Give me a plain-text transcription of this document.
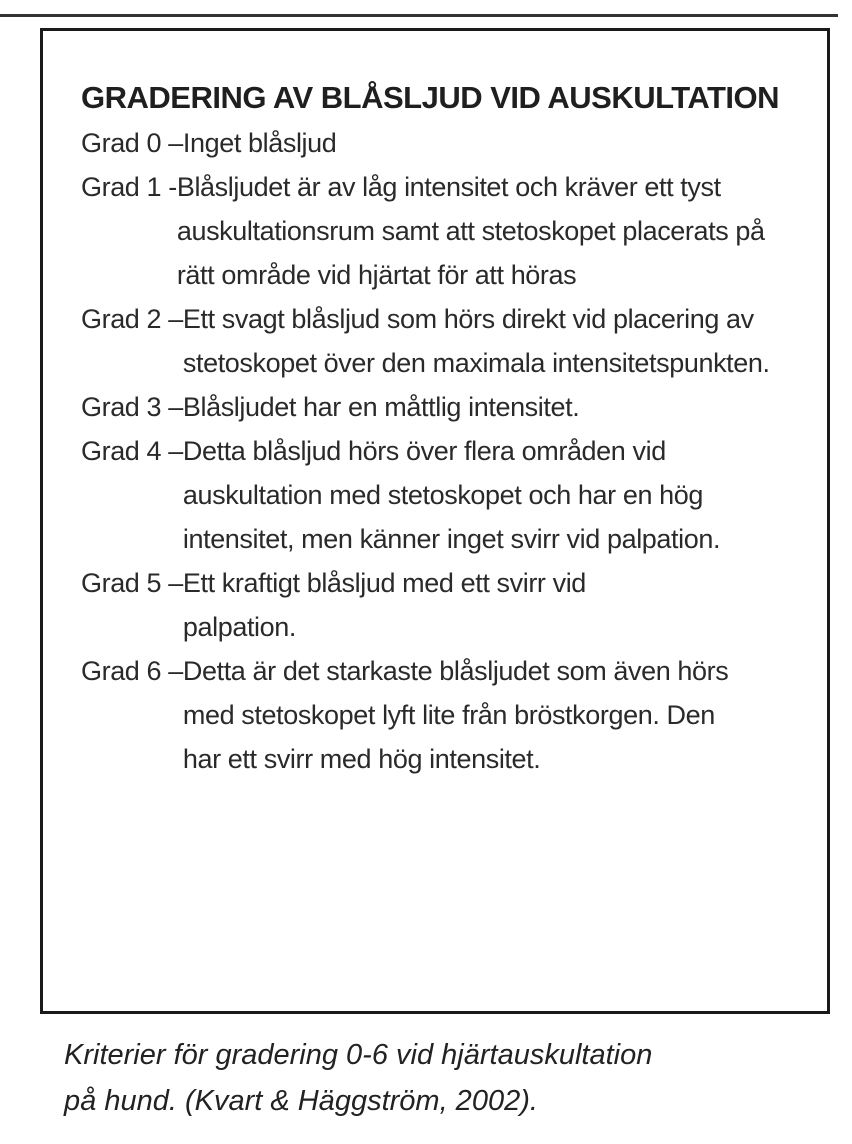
GRADERING AV BLÅSLJUD VID AUSKULTATION
Grad 0 – Inget blåsljud
Grad 1 - Blåsljudet är av låg intensitet och kräver ett tyst auskultationsrum samt att stetoskopet placerats på rätt område vid hjärtat för att höras
Grad 2 – Ett svagt blåsljud som hörs direkt vid placering av stetoskopet över den maximala intensitetspunkten.
Grad 3 – Blåsljudet har en måttlig intensitet.
Grad 4 – Detta blåsljud hörs över flera områden vid auskultation med stetoskopet och har en hög intensitet, men känner inget svirr vid palpation.
Grad 5 – Ett kraftigt blåsljud med ett svirr vid palpation.
Grad 6 – Detta är det starkaste blåsljudet som även hörs med stetoskopet lyft lite från bröstkorgen. Den har ett svirr med hög intensitet.

Kriterier för gradering 0-6 vid hjärtauskultation
på hund. (Kvart & Häggström, 2002).
